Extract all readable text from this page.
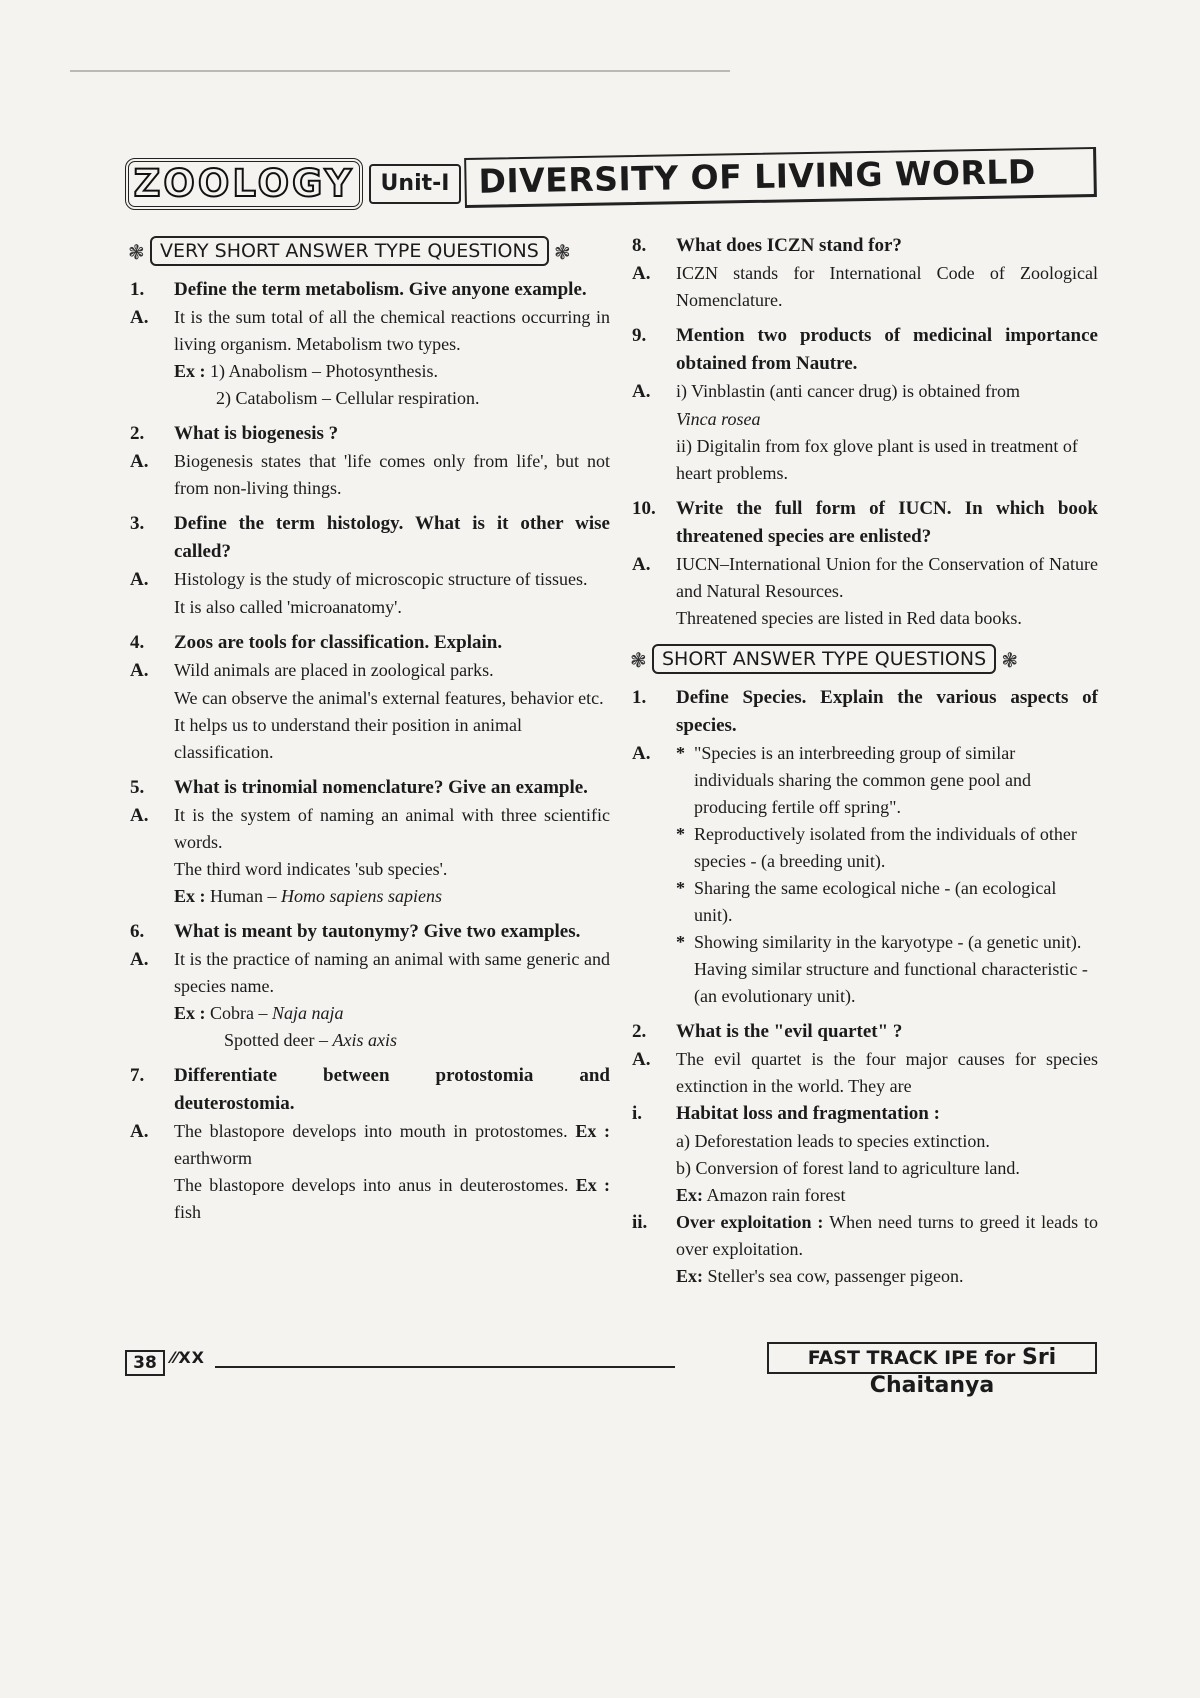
ZOOLOGY	Unit-I DIVERSITY OF LIVING WORLD
❃ VERY SHORT ANSWER TYPE QUESTIONS ❃
1.	Define the term metabolism. Give anyone example.
A.	It is the sum total of all the chemical reactions occurring in living organism. Metabolism two types.

Ex : 1) Anabolism – Photosynthesis.

2) Catabolism – Cellular respiration.

2.	What is biogenesis ?
A.	Biogenesis states that 'life comes only from life', but not from non-living things.
3.	Define the term histology. What is it other wise called?
A.	Histology is the study of microscopic structure of tissues.

It is also called 'microanatomy'.

4.	Zoos are tools for classification. Explain.
A.	Wild animals are placed in zoological parks.

We can observe the animal's external features, behavior etc.

It helps us to understand their position in animal classification.

5.	What is trinomial nomenclature? Give an example.
A.	It is the system of naming an animal with three scientific words.

The third word indicates 'sub species'.

Ex : Human – Homo sapiens sapiens

6.	What is meant by tautonymy? Give two examples.
A.	It is the practice of naming an animal with same generic and species name.

Ex : Cobra – Naja naja

Spotted deer – Axis axis

7.	Differentiate between protostomia and deuterostomia.
A.	The blastopore develops into mouth in protostomes. Ex : earthworm

The blastopore develops into anus in deuterostomes. Ex : fish

8.	What does ICZN stand for?
A.	ICZN stands for International Code of Zoological Nomenclature.
9.	Mention two products of medicinal importance obtained from Nautre.
A.	i) Vinblastin (anti cancer drug) is obtained from

Vinca rosea

ii) Digitalin from fox glove plant is used in treatment of heart problems.

10.	Write the full form of IUCN. In which book threatened species are enlisted?
A.	IUCN–International Union for the Conservation of Nature and Natural Resources.

Threatened species are listed in Red data books.

❃ SHORT ANSWER TYPE QUESTIONS ❃
1.	Define Species. Explain the various aspects of species.
A.	* "Species is an interbreeding group of similar individuals sharing the common gene pool and producing fertile off spring".
* Reproductively isolated from the individuals of other species - (a breeding unit).
* Sharing the same ecological niche - (an ecological unit).
* Showing similarity in the karyotype - (a genetic unit). Having similar structure and functional characteristic - (an evolutionary unit).
2.	What is the "evil quartet" ?
A.	The evil quartet is the four major causes for species extinction in the world. They are
i.	Habitat loss and fragmentation :

a) Deforestation leads to species extinction.

b) Conversion of forest land to agriculture land.

Ex: Amazon rain forest

ii.	Over exploitation : When need turns to greed it leads to over exploitation.

Ex: Steller's sea cow, passenger pigeon.

38 ⁄⁄XX	FAST TRACK IPE for Sri Chaitanya
